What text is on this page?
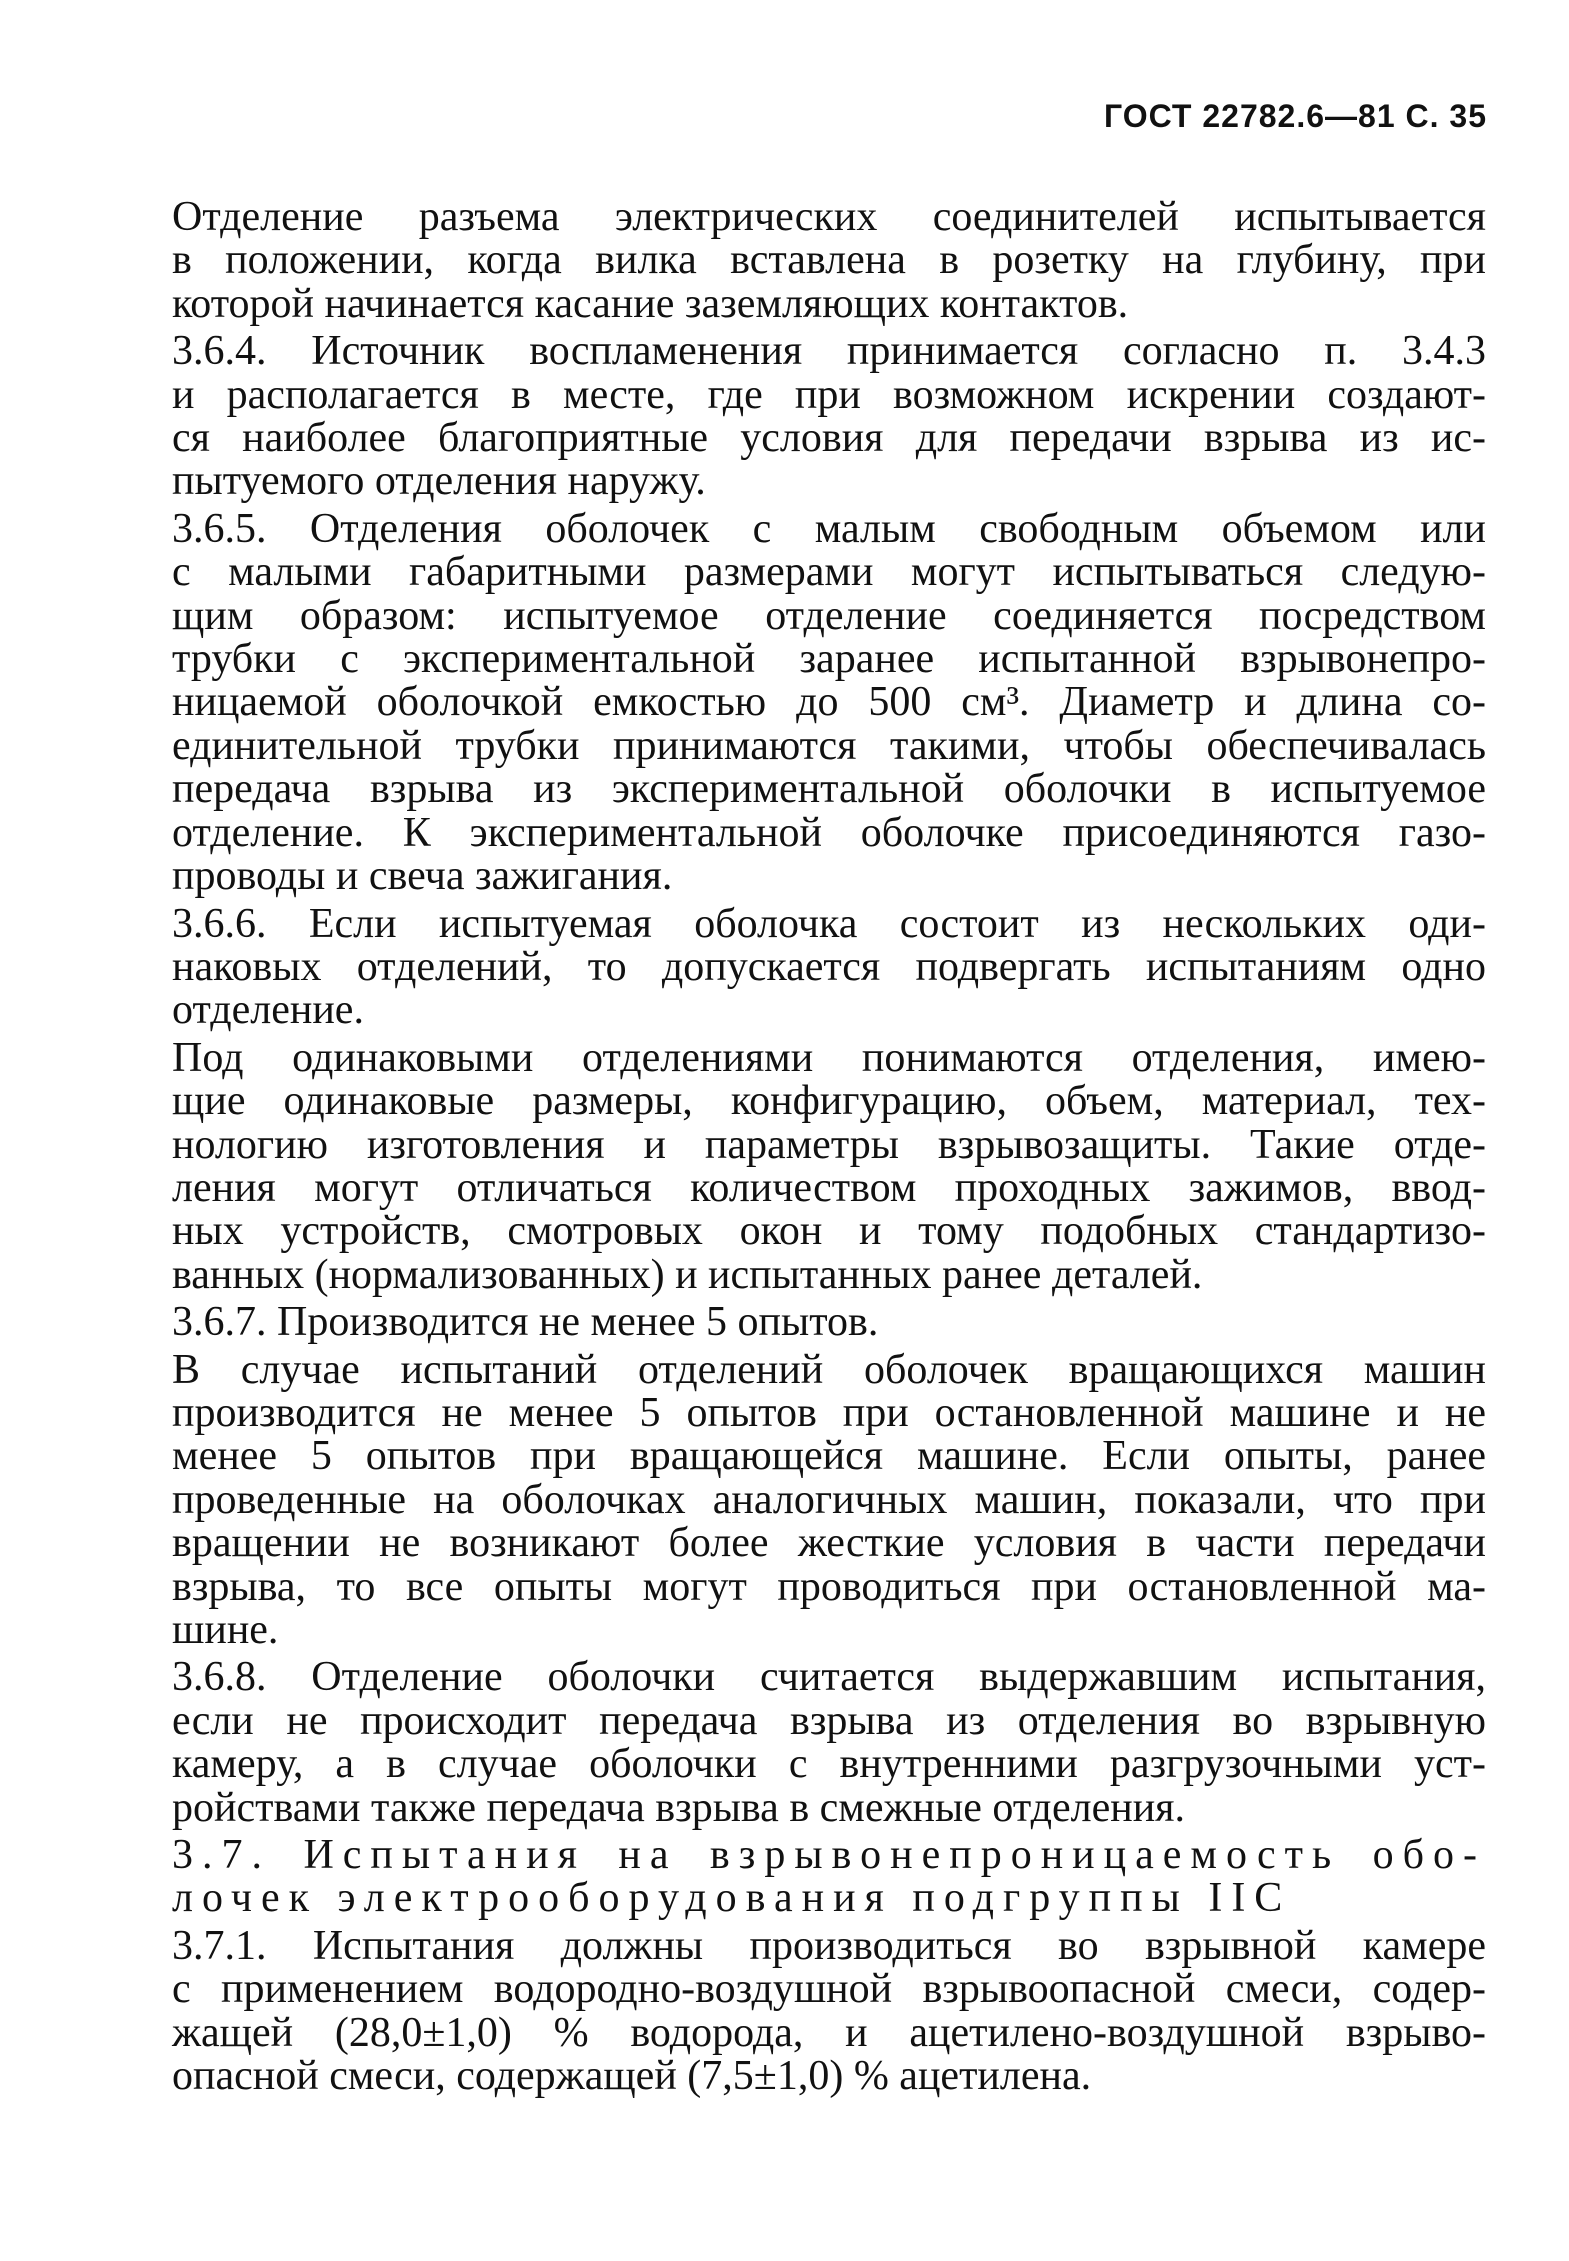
ГОСТ 22782.6—81 С. 35

Отделение разъема электрических соединителей испытывается
в положении, когда вилка вставлена в розетку на глубину, при
которой начинается касание заземляющих контактов.

3.6.4. Источник воспламенения принимается согласно п. 3.4.3
и располагается в месте, где при возможном искрении создают-
ся наиболее благоприятные условия для передачи взрыва из ис-
пытуемого отделения наружу.

3.6.5. Отделения оболочек с малым свободным объемом или
с малыми габаритными размерами могут испытываться следую-
щим образом: испытуемое отделение соединяется посредством
трубки с экспериментальной заранее испытанной взрывонепро-
ницаемой оболочкой емкостью до 500 см³. Диаметр и длина со-
единительной трубки принимаются такими, чтобы обеспечивалась
передача взрыва из экспериментальной оболочки в испытуемое
отделение. К экспериментальной оболочке присоединяются газо-
проводы и свеча зажигания.

3.6.6. Если испытуемая оболочка состоит из нескольких оди-
наковых отделений, то допускается подвергать испытаниям одно
отделение.

Под одинаковыми отделениями понимаются отделения, имею-
щие одинаковые размеры, конфигурацию, объем, материал, тех-
нологию изготовления и параметры взрывозащиты. Такие отде-
ления могут отличаться количеством проходных зажимов, ввод-
ных устройств, смотровых окон и тому подобных стандартизо-
ванных (нормализованных) и испытанных ранее деталей.

3.6.7. Производится не менее 5 опытов.

В случае испытаний отделений оболочек вращающихся машин
производится не менее 5 опытов при остановленной машине и не
менее 5 опытов при вращающейся машине. Если опыты, ранее
проведенные на оболочках аналогичных машин, показали, что при
вращении не возникают более жесткие условия в части передачи
взрыва, то все опыты могут проводиться при остановленной ма-
шине.

3.6.8. Отделение оболочки считается выдержавшим испытания,
если не происходит передача взрыва из отделения во взрывную
камеру, а в случае оболочки с внутренними разгрузочными уст-
ройствами также передача взрыва в смежные отделения.

3.7. Испытания на взрывонепроницаемость обо-
лочек электрооборудования подгруппы IIС

3.7.1. Испытания должны производиться во взрывной камере
с применением водородно-воздушной взрывоопасной смеси, содер-
жащей (28,0±1,0) % водорода, и ацетилено-воздушной взрыво-
опасной смеси, содержащей (7,5±1,0) % ацетилена.
